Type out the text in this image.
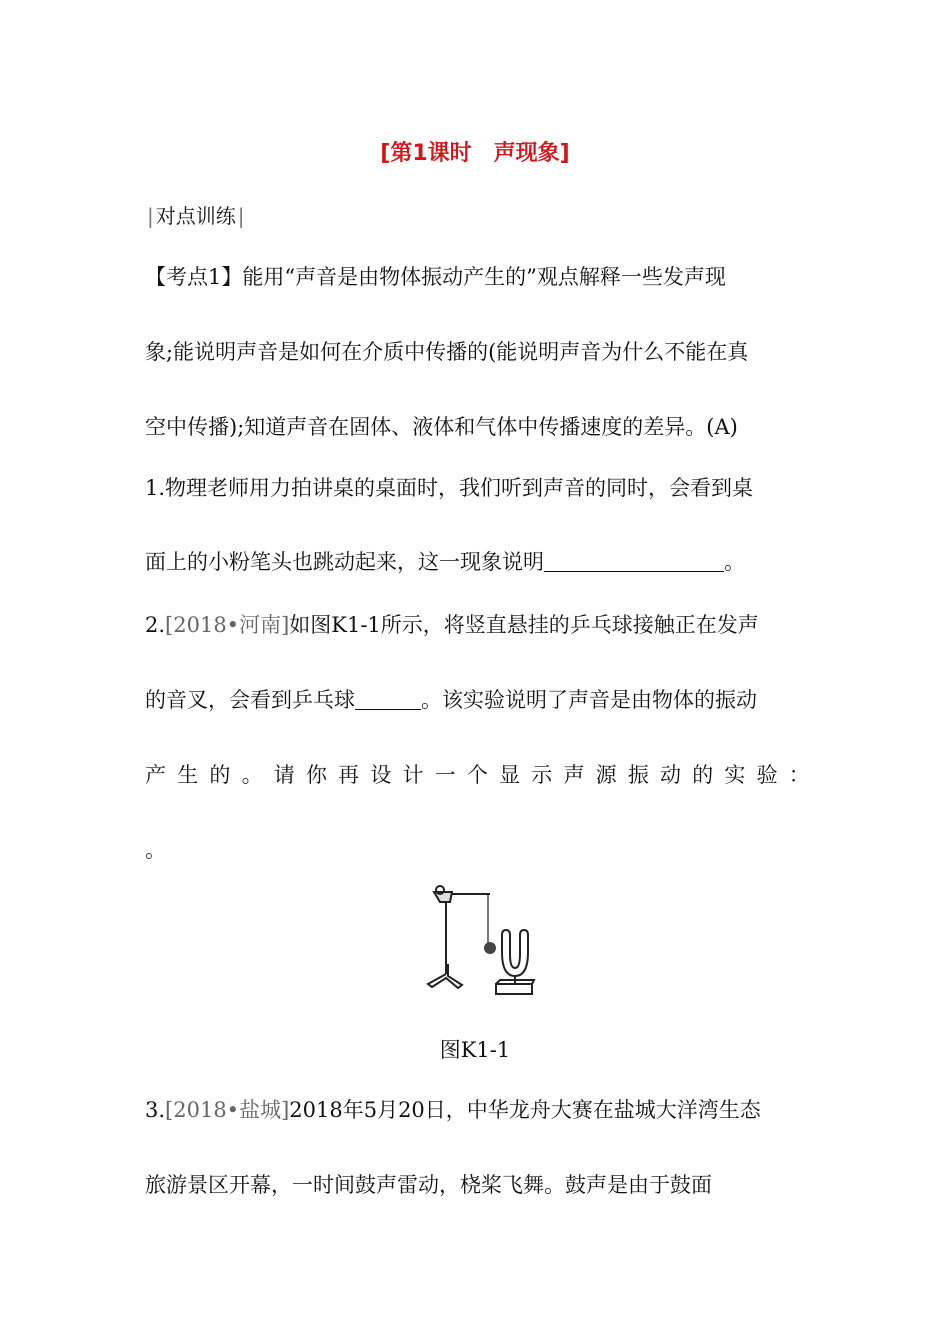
[第1课时　声现象]
| 对点训练 |
【考点1】能用“声音是由物体振动产生的”观点解释一些发声现
象;能说明声音是如何在介质中传播的(能说明声音为什么不能在真
空中传播);知道声音在固体、液体和气体中传播速度的差异。(A)
1.物理老师用力拍讲桌的桌面时，我们听到声音的同时，会看到桌
面上的小粉笔头也跳动起来，这一现象说明	。
2.[2018•河南]如图K1-1所示，将竖直悬挂的乒乓球接触正在发声
的音叉，会看到乒乓球	。该实验说明了声音是由物体的振动
产 生 的 。 请 你 再 设 计 一 个 显 示 声 源 振 动 的 实 验 ：
。
图K1-1
3.[2018•盐城]2018年5月20日，中华龙舟大赛在盐城大洋湾生态
旅游景区开幕，一时间鼓声雷动，桡桨飞舞。鼓声是由于鼓面
